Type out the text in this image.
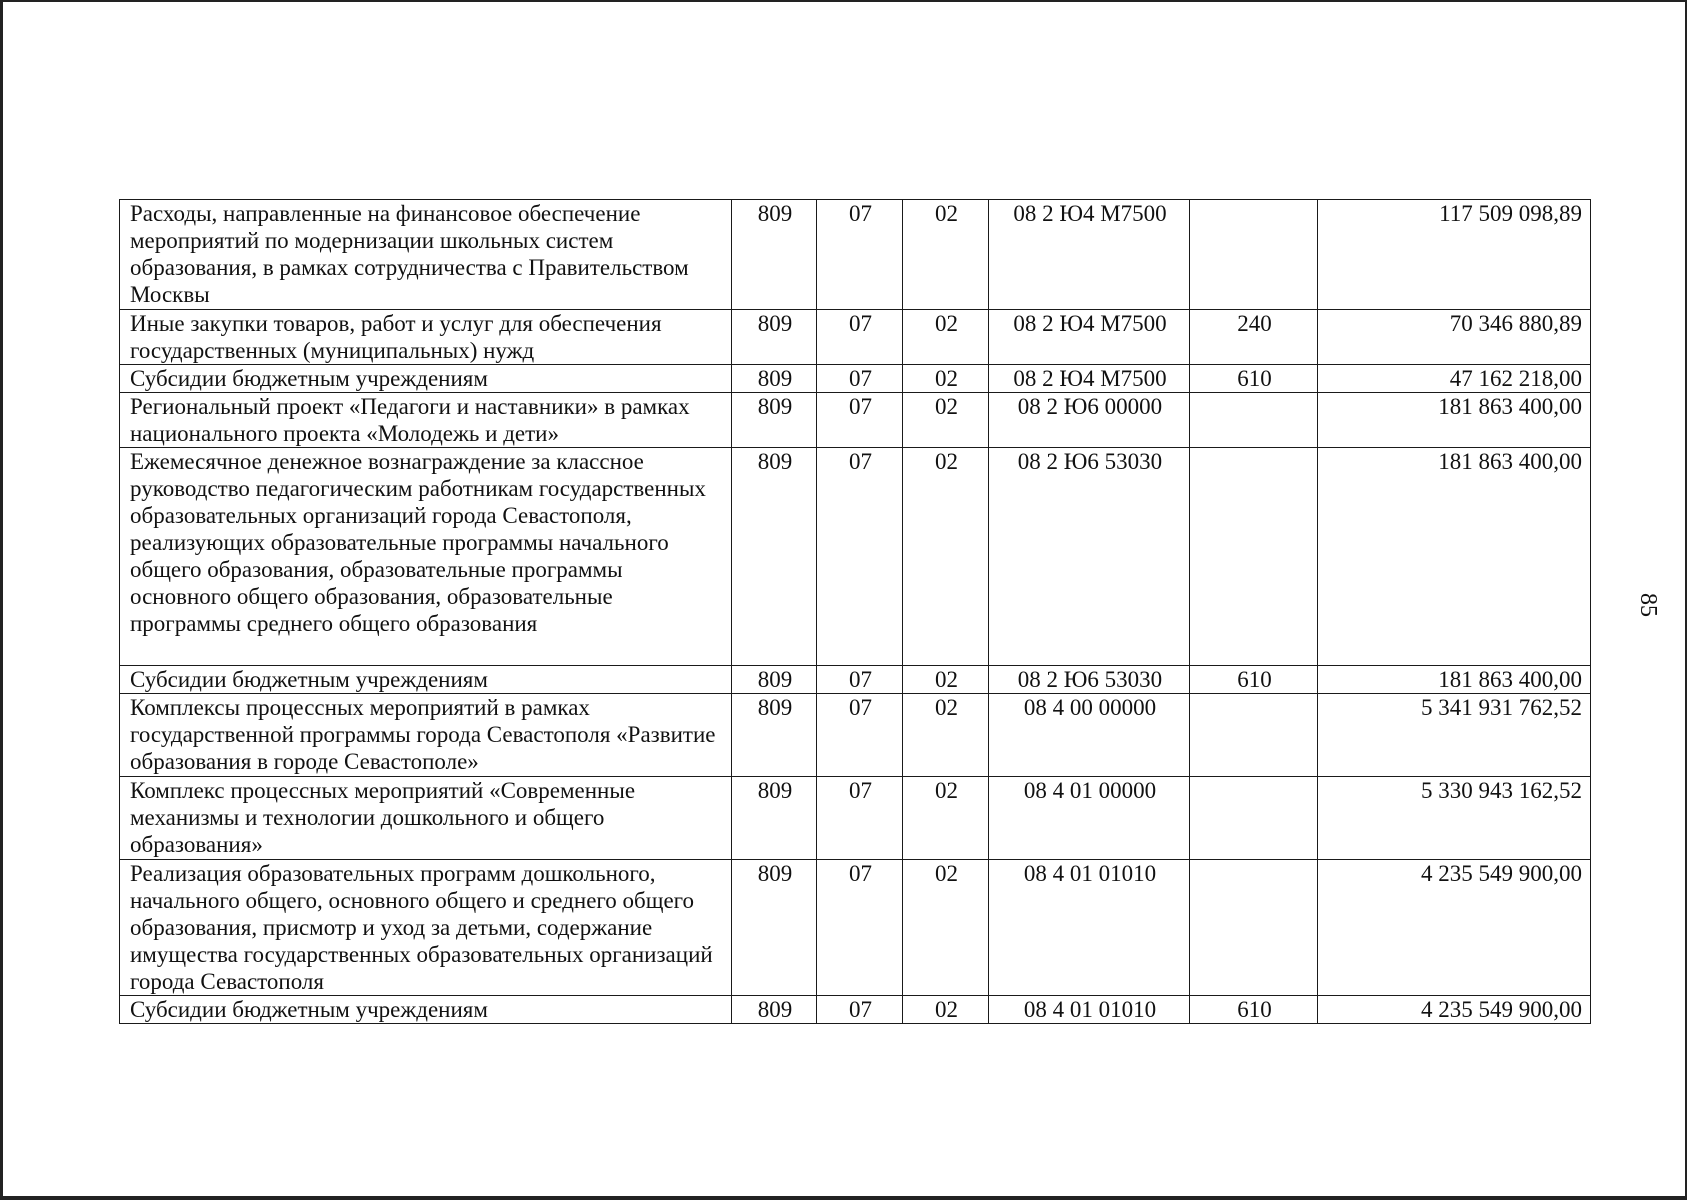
Расходы, направленные на финансовое обеспечение мероприятий по модернизации школьных систем образования, в рамках сотрудничества с Правительством Москвы	809	07	02	08 2 Ю4 М7500		117 509 098,89
Иные закупки товаров, работ и услуг для обеспечения государственных (муниципальных) нужд	809	07	02	08 2 Ю4 М7500	240	70 346 880,89
Субсидии бюджетным учреждениям	809	07	02	08 2 Ю4 М7500	610	47 162 218,00
Региональный проект «Педагоги и наставники» в рамках национального проекта «Молодежь и дети»	809	07	02	08 2 Ю6 00000		181 863 400,00
Ежемесячное денежное вознаграждение за классное руководство педагогическим работникам государственных образовательных организаций города Севастополя, реализующих образовательные программы начального общего образования, образовательные программы основного общего образования, образовательные программы среднего общего образования	809	07	02	08 2 Ю6 53030		181 863 400,00
Субсидии бюджетным учреждениям	809	07	02	08 2 Ю6 53030	610	181 863 400,00
Комплексы процессных мероприятий в рамках государственной программы города Севастополя «Развитие образования в городе Севастополе»	809	07	02	08 4 00 00000		5 341 931 762,52
Комплекс процессных мероприятий «Современные механизмы и технологии дошкольного и общего образования»	809	07	02	08 4 01 00000		5 330 943 162,52
Реализация образовательных программ дошкольного, начального общего, основного общего и среднего общего образования, присмотр и уход за детьми, содержание имущества государственных образовательных организаций города Севастополя	809	07	02	08 4 01 01010		4 235 549 900,00
Субсидии бюджетным учреждениям	809	07	02	08 4 01 01010	610	4 235 549 900,00
85
